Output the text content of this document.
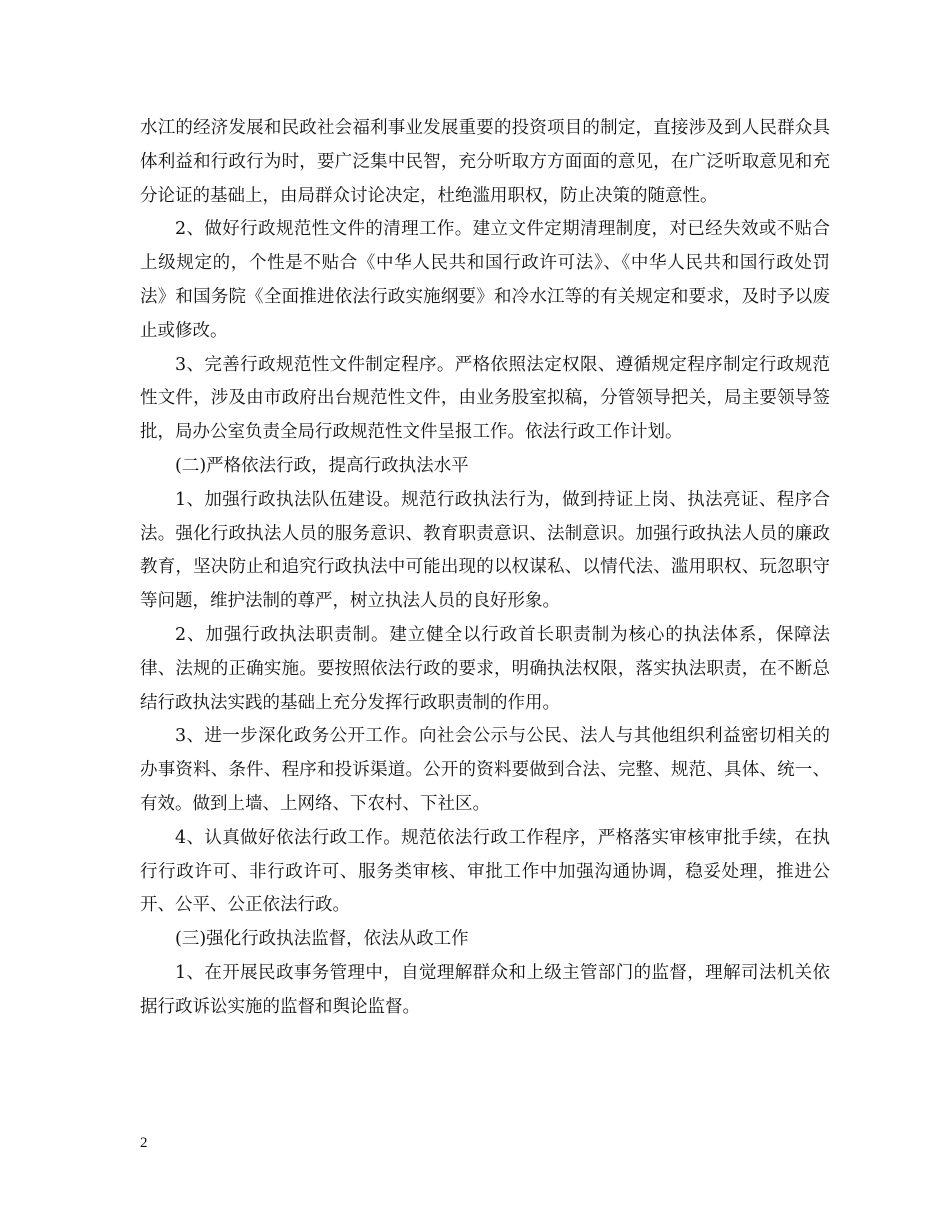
水江的经济发展和民政社会福利事业发展重要的投资项目的制定，直接涉及到人民群众具体利益和行政行为时，要广泛集中民智，充分听取方方面面的意见，在广泛听取意见和充分论证的基础上，由局群众讨论决定，杜绝滥用职权，防止决策的随意性。

2、做好行政规范性文件的清理工作。建立文件定期清理制度，对已经失效或不贴合上级规定的，个性是不贴合《中华人民共和国行政许可法》、《中华人民共和国行政处罚法》和国务院《全面推进依法行政实施纲要》和冷水江等的有关规定和要求，及时予以废止或修改。

3、完善行政规范性文件制定程序。严格依照法定权限、遵循规定程序制定行政规范性文件，涉及由市政府出台规范性文件，由业务股室拟稿，分管领导把关，局主要领导签批，局办公室负责全局行政规范性文件呈报工作。依法行政工作计划。

(二)严格依法行政，提高行政执法水平

1、加强行政执法队伍建设。规范行政执法行为，做到持证上岗、执法亮证、程序合法。强化行政执法人员的服务意识、教育职责意识、法制意识。加强行政执法人员的廉政教育，坚决防止和追究行政执法中可能出现的以权谋私、以情代法、滥用职权、玩忽职守等问题，维护法制的尊严，树立执法人员的良好形象。

2、加强行政执法职责制。建立健全以行政首长职责制为核心的执法体系，保障法律、法规的正确实施。要按照依法行政的要求，明确执法权限，落实执法职责，在不断总结行政执法实践的基础上充分发挥行政职责制的作用。

3、进一步深化政务公开工作。向社会公示与公民、法人与其他组织利益密切相关的办事资料、条件、程序和投诉渠道。公开的资料要做到合法、完整、规范、具体、统一、有效。做到上墙、上网络、下农村、下社区。

4、认真做好依法行政工作。规范依法行政工作程序，严格落实审核审批手续，在执行行政许可、非行政许可、服务类审核、审批工作中加强沟通协调，稳妥处理，推进公开、公平、公正依法行政。

(三)强化行政执法监督，依法从政工作

1、在开展民政事务管理中，自觉理解群众和上级主管部门的监督，理解司法机关依据行政诉讼实施的监督和舆论监督。

2
